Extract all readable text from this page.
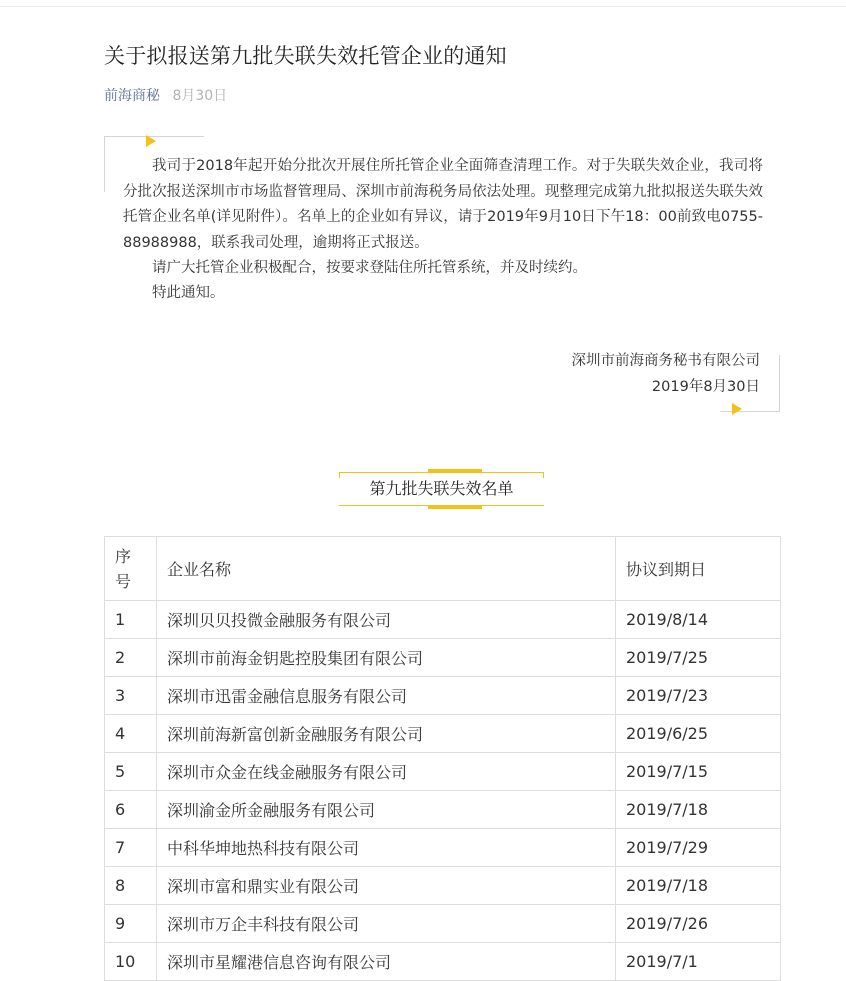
关于拟报送第九批失联失效托管企业的通知
前海商秘 8月30日

我司于2018年起开始分批次开展住所托管企业全面筛查清理工作。对于失联失效企业，我司将分批次报送深圳市市场监督管理局、深圳市前海税务局依法处理。现整理完成第九批拟报送失联失效托管企业名单(详见附件）。名单上的企业如有异议，请于2019年9月10日下午18：00前致电0755-88988988，联系我司处理，逾期将正式报送。

请广大托管企业积极配合，按要求登陆住所托管系统，并及时续约。

特此通知。

深圳市前海商务秘书有限公司
2019年8月30日
第九批失联失效名单
序号	企业名称	协议到期日
1	深圳贝贝投微金融服务有限公司	2019/8/14
2	深圳市前海金钥匙控股集团有限公司	2019/7/25
3	深圳市迅雷金融信息服务有限公司	2019/7/23
4	深圳前海新富创新金融服务有限公司	2019/6/25
5	深圳市众金在线金融服务有限公司	2019/7/15
6	深圳渝金所金融服务有限公司	2019/7/18
7	中科华坤地热科技有限公司	2019/7/29
8	深圳市富和鼎实业有限公司	2019/7/18
9	深圳市万企丰科技有限公司	2019/7/26
10	深圳市星耀港信息咨询有限公司	2019/7/1
